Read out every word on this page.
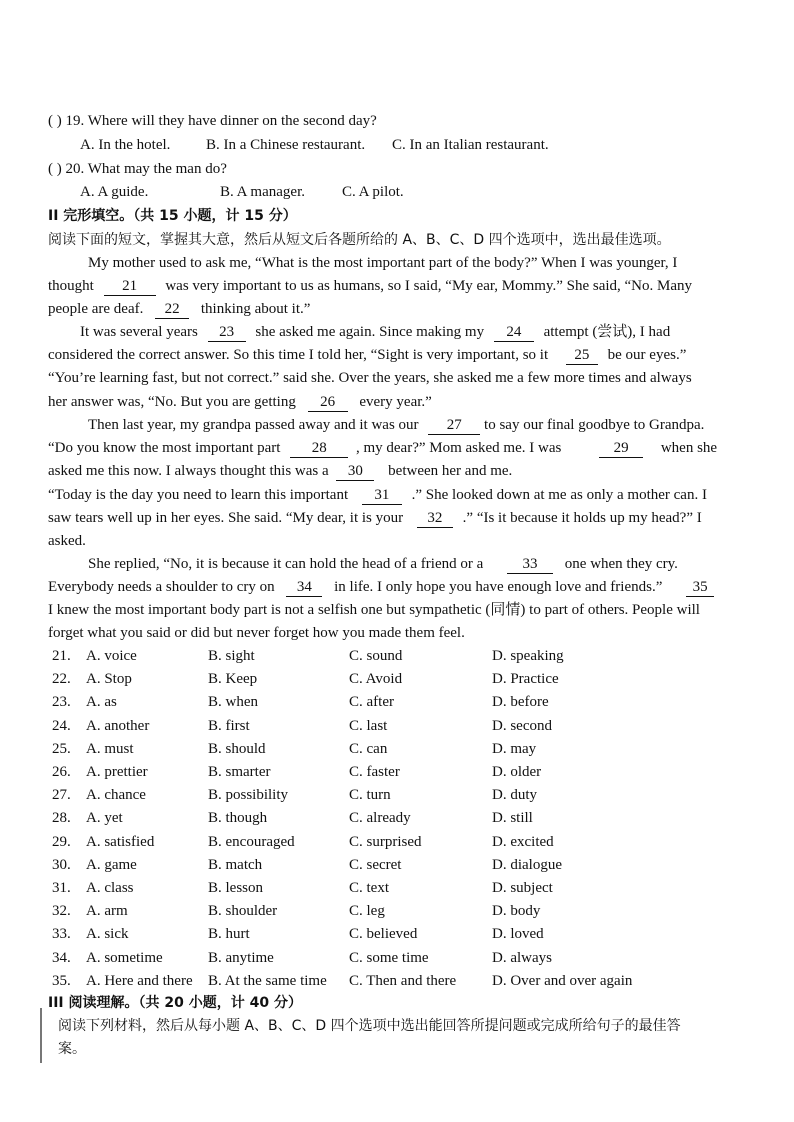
( ) 19. Where will they have dinner on the second day?
A. In the hotel. B. In a Chinese restaurant. C. In an Italian restaurant.
( ) 20. What may the man do?
A. A guide.	B. A manager. C. A pilot.
II 完形填空。（共 15 小题，计 15 分）
阅读下面的短文，掌握其大意，然后从短文后各题所给的 A、B、C、D 四个选项中，选出最佳选项。
My mother used to ask me, “What is the most important part of the body?” When I was younger, I
thought 21 was very important to us as humans, so I said, “My ear, Mommy.” She said, “No. Many
people are deaf. 22 thinking about it.”
It was several years 23 she asked me again. Since making my 24 attempt (尝试), I had
considered the correct answer. So this time I told her, “Sight is very important, so it 25 be our eyes.”
“You’re learning fast, but not correct.” said she. Over the years, she asked me a few more times and always
her answer was, “No. But you are getting 26 every year.”
Then last year, my grandpa passed away and it was our 27 to say our final goodbye to Grandpa.
“Do you know the most important part 28 , my dear?” Mom asked me. I was	29 when she
asked me this now. I always thought this was a 30 between her and me.
“Today is the day you need to learn this important 31 .” She looked down at me as only a mother can. I
saw tears well up in her eyes. She said. “My dear, it is your 32 .” “Is it because it holds up my head?” I
asked.
She replied, “No, it is because it can hold the head of a friend or a	33 one when they cry.
Everybody needs a shoulder to cry on 34 in life. I only hope you have enough love and friends.” 35
I knew the most important body part is not a selfish one but sympathetic (同情) to part of others. People will
forget what you said or did but never forget how you made them feel.
21. A. voice	B. sight	C. sound	D. speaking
22. A. Stop	B. Keep	C. Avoid	D. Practice
23. A. as	B. when	C. after	D. before
24. A. another	B. first	C. last	D. second
25. A. must	B. should	C. can	D. may
26. A. prettier	B. smarter	C. faster	D. older
27. A. chance	B. possibility	C. turn	D. duty
28. A. yet	B. though	C. already	D. still
29. A. satisfied	B. encouraged	C. surprised	D. excited
30. A. game	B. match	C. secret	D. dialogue
31. A. class	B. lesson	C. text	D. subject
32. A. arm	B. shoulder	C. leg	D. body
33. A. sick	B. hurt	C. believed	D. loved
34. A. sometime	B. anytime	C. some time	D. always
35. A. Here and there B. At the same time C. Then and there D. Over and over again
III 阅读理解。（共 20 小题，计 40 分）
阅读下列材料，然后从每小题 A、B、C、D 四个选项中选出能回答所提问题或完成所给句子的最佳答
案。
